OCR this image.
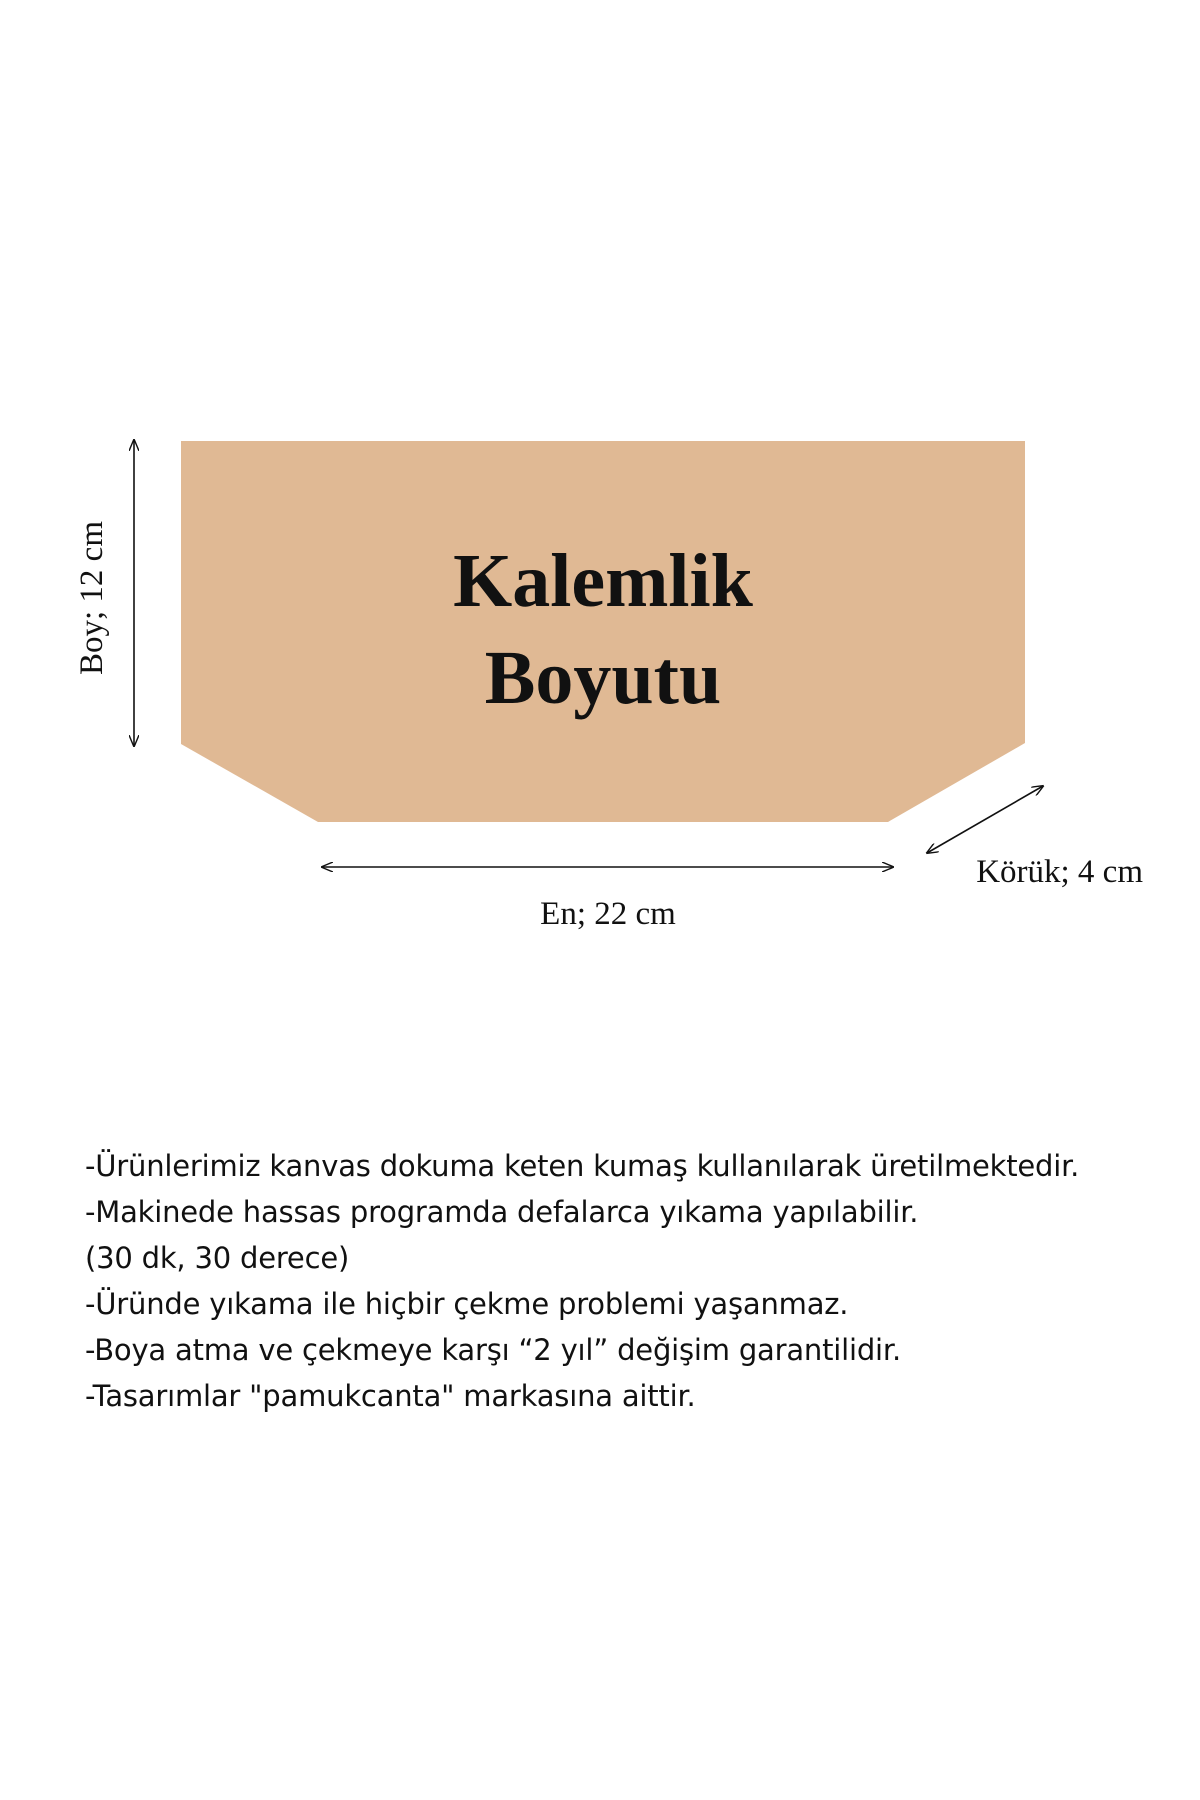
Kalemlik
Boyutu
Boy; 12 cm
En; 22 cm
Körük; 4 cm
-Ürünlerimiz kanvas dokuma keten kumaş kullanılarak üretilmektedir.
-Makinede hassas programda defalarca yıkama yapılabilir.
(30 dk, 30 derece)
-Üründe yıkama ile hiçbir çekme problemi yaşanmaz.
-Boya atma ve çekmeye karşı “2 yıl” değişim garantilidir.
-Tasarımlar "pamukcanta" markasına aittir.
